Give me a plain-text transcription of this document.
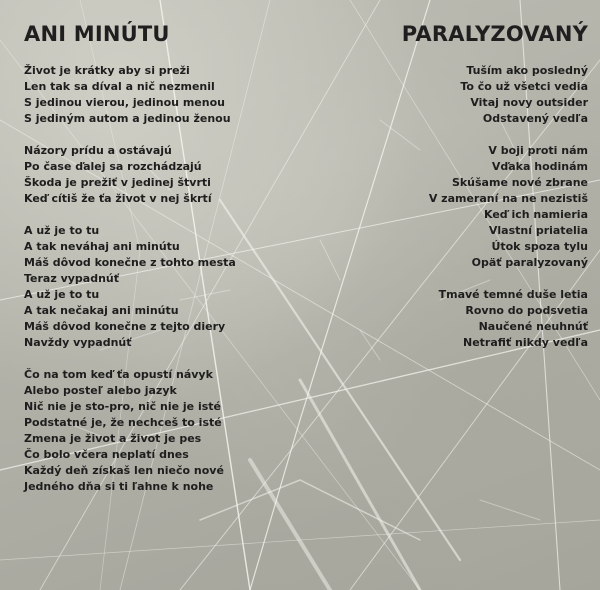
ANI MINÚTU	PARALYZOVANÝ
Život je krátky aby si preži
Len tak sa díval a nič nezmenil
S jedinou vierou, jedinou menou
S jediným autom a jedinou ženou
Názory prídu a ostávajú
Po čase ďalej sa rozchádzajú
Škoda je prežiť v jedinej štvrti
Keď cítiš že ťa život v nej škrtí
A už je to tu
A tak neváhaj ani minútu
Máš dôvod konečne z tohto mesta
Teraz vypadnúť
A už je to tu
A tak nečakaj ani minútu
Máš dôvod konečne z tejto diery
Navždy vypadnúť
Čo na tom keď ťa opustí návyk
Alebo posteľ alebo jazyk
Nič nie je sto-pro, nič nie je isté
Podstatné je, že nechceš to isté
Zmena je život a život je pes
Čo bolo včera neplatí dnes
Každý deň získaš len niečo nové
Jedného dňa si ti ľahne k nohe
Tuším ako posledný
To čo už všetci vedia
Vitaj novy outsider
Odstavený vedľa
V boji proti nám
Vďaka hodinám
Skúšame nové zbrane
V zameraní na ne nezistiš
Keď ich namieria
Vlastní priatelia
Útok spoza tylu
Opäť paralyzovaný
Tmavé temné duše letia
Rovno do podsvetia
Naučené neuhnúť
Netrafiť nikdy vedľa
